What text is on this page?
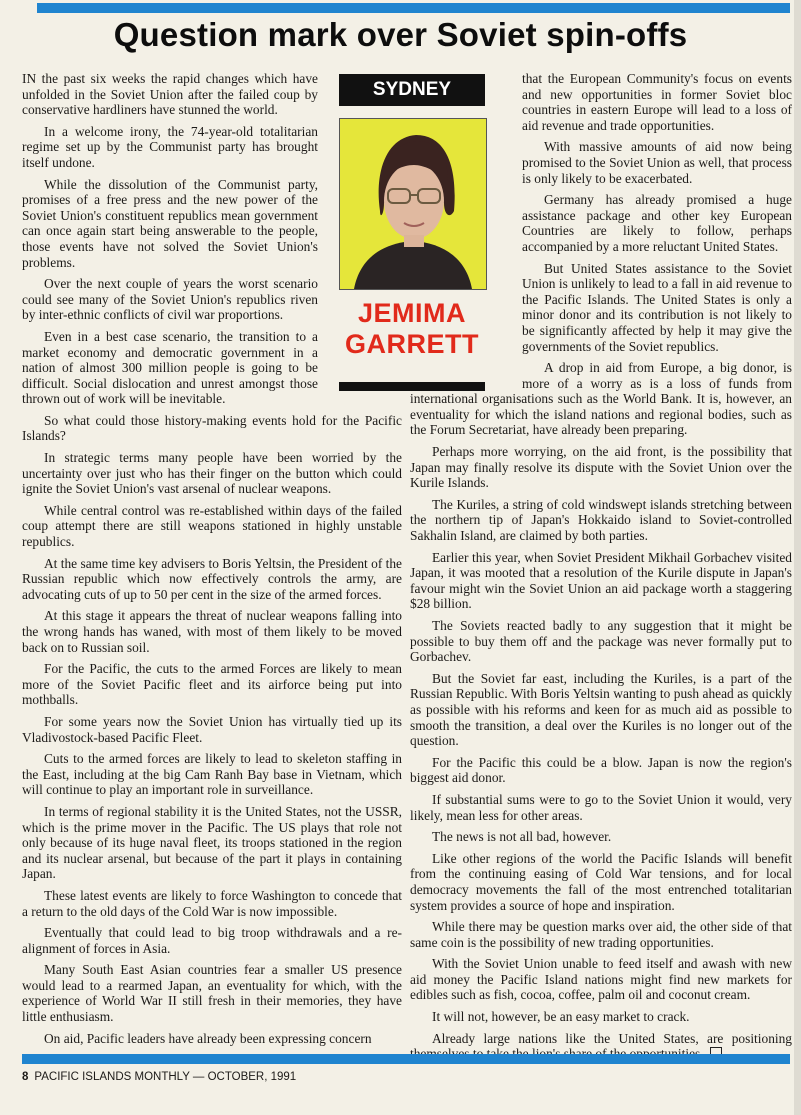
Question mark over Soviet spin-offs

IN the past six weeks the rapid changes which have unfolded in the Soviet Union after the failed coup by conservative hardliners have stunned the world.

In a welcome irony, the 74-year-old totalitarian regime set up by the Communist party has brought itself undone.

While the dissolution of the Communist party, promises of a free press and the new power of the Soviet Union's constituent republics mean government can once again start being answerable to the people, those events have not solved the Soviet Union's problems.

Over the next couple of years the worst scenario could see many of the Soviet Union's republics riven by inter-ethnic conflicts of civil war proportions.

Even in a best case scenario, the transition to a market economy and democratic government in a nation of almost 300 million people is going to be difficult. Social dislocation and unrest amongst those thrown out of work will be inevitable.

So what could those history-making events hold for the Pacific Islands?

In strategic terms many people have been worried by the uncertainty over just who has their finger on the button which could ignite the Soviet Union's vast arsenal of nuclear weapons.

While central control was re-established within days of the failed coup attempt there are still weapons stationed in highly unstable republics.

At the same time key advisers to Boris Yeltsin, the President of the Russian republic which now effectively controls the army, are advocating cuts of up to 50 per cent in the size of the armed forces.

At this stage it appears the threat of nuclear weapons falling into the wrong hands has waned, with most of them likely to be moved back on to Russian soil.

For the Pacific, the cuts to the armed Forces are likely to mean more of the Soviet Pacific fleet and its airforce being put into mothballs.

For some years now the Soviet Union has virtually tied up its Vladivostock-based Pacific Fleet.

Cuts to the armed forces are likely to lead to skeleton staffing in the East, including at the big Cam Ranh Bay base in Vietnam, which will continue to play an important role in surveillance.

In terms of regional stability it is the United States, not the USSR, which is the prime mover in the Pacific. The US plays that role not only because of its huge naval fleet, its troops stationed in the region and its nuclear arsenal, but because of the part it plays in containing Japan.

These latest events are likely to force Washington to concede that a return to the old days of the Cold War is now impossible.

Eventually that could lead to big troop withdrawals and a re-alignment of forces in Asia.

Many South East Asian countries fear a smaller US presence would lead to a rearmed Japan, an eventuality for which, with the experience of World War II still fresh in their memories, they have little enthusiasm.

On aid, Pacific leaders have already been expressing concern

SYDNEY
JEMIMA
GARRETT

that the European Community's focus on events and new opportunities in former Soviet bloc countries in eastern Europe will lead to a loss of aid revenue and trade opportunities.

With massive amounts of aid now being promised to the Soviet Union as well, that process is only likely to be exacerbated.

Germany has already promised a huge assistance package and other key European Countries are likely to follow, perhaps accompanied by a more reluctant United States.

But United States assistance to the Soviet Union is unlikely to lead to a fall in aid revenue to the Pacific Islands. The United States is only a minor donor and its contribution is not likely to be significantly affected by help it may give the governments of the Soviet republics.

A drop in aid from Europe, a big donor, is more of a worry as is a loss of funds from international organisations such as the World Bank. It is, however, an eventuality for which the island nations and regional bodies, such as the Forum Secretariat, have already been preparing.

Perhaps more worrying, on the aid front, is the possibility that Japan may finally resolve its dispute with the Soviet Union over the Kurile Islands.

The Kuriles, a string of cold windswept islands stretching between the northern tip of Japan's Hokkaido island to Soviet-controlled Sakhalin Island, are claimed by both parties.

Earlier this year, when Soviet President Mikhail Gorbachev visited Japan, it was mooted that a resolution of the Kurile dispute in Japan's favour might win the Soviet Union an aid package worth a staggering $28 billion.

The Soviets reacted badly to any suggestion that it might be possible to buy them off and the package was never formally put to Gorbachev.

But the Soviet far east, including the Kuriles, is a part of the Russian Republic. With Boris Yeltsin wanting to push ahead as quickly as possible with his reforms and keen for as much aid as possible to smooth the transition, a deal over the Kuriles is no longer out of the question.

For the Pacific this could be a blow. Japan is now the region's biggest aid donor.

If substantial sums were to go to the Soviet Union it would, very likely, mean less for other areas.

The news is not all bad, however.

Like other regions of the world the Pacific Islands will benefit from the continuing easing of Cold War tensions, and for local democracy movements the fall of the most entrenched totalitarian system provides a source of hope and inspiration.

While there may be question marks over aid, the other side of that same coin is the possibility of new trading opportunities.

With the Soviet Union unable to feed itself and awash with new aid money the Pacific Island nations might find new markets for edibles such as fish, cocoa, coffee, palm oil and coconut cream.

It will not, however, be an easy market to crack.

Already large nations like the United States, are positioning

8 PACIFIC ISLANDS MONTHLY — OCTOBER, 1991
